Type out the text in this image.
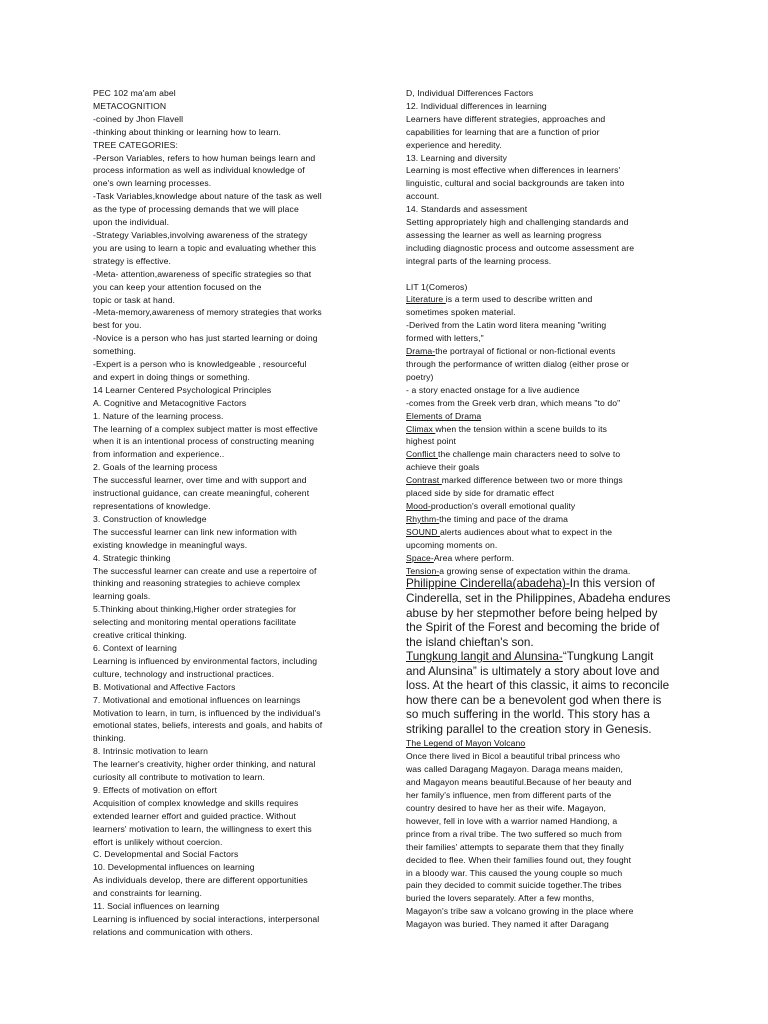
PEC 102 ma'am abel
METACOGNITION
-coined by Jhon Flavell
-thinking about thinking or learning how to learn.
TREE CATEGORIES:
-Person Variables, refers to how human beings learn and
process information as well as individual knowledge of
one's own learning processes.
-Task Variables,knowledge about nature of the task as well
as the type of processing demands that we will place
upon the individual.
-Strategy Variables,involving awareness of the strategy
you are using to learn a topic and evaluating whether this
strategy is effective.
-Meta- attention,awareness of specific strategies so that
you can keep your attention focused on the
topic or task at hand.
-Meta-memory,awareness of memory strategies that works
best for you.
-Novice is a person who has just started learning or doing
something.
-Expert is a person who is knowledgeable , resourceful
and expert in doing things or something.
14 Learner Centered Psychological Principles
A. Cognitive and Metacognitive Factors
1. Nature of the learning process.
The learning of a complex subject matter is most effective
when it is an intentional process of constructing meaning
from information and experience..
2. Goals of the learning process
The successful learner, over time and with support and
instructional guidance, can create meaningful, coherent
representations of knowledge.
3. Construction of knowledge
The successful learner can link new information with
existing knowledge in meaningful ways.
4. Strategic thinking
The successful learner can create and use a repertoire of
thinking and reasoning strategies to achieve complex
learning goals.
5.Thinking about thinking,Higher order strategies for
selecting and monitoring mental operations facilitate
creative critical thinking.
6. Context of learning
Learning is influenced by environmental factors, including
culture, technology and instructional practices.
B. Motivational and Affective Factors
7. Motivational and emotional influences on learnings
Motivation to learn, in turn, is influenced by the individual's
emotional states, beliefs, interests and goals, and habits of
thinking.
8. Intrinsic motivation to learn
The learner's creativity, higher order thinking, and natural
curiosity all contribute to motivation to learn.
9. Effects of motivation on effort
Acquisition of complex knowledge and skills requires
extended learner effort and guided practice. Without
learners' motivation to learn, the willingness to exert this
effort is unlikely without coercion.
C. Developmental and Social Factors
10. Developmental influences on learning
As individuals develop, there are different opportunities
and constraints for learning.
11. Social influences on learning
Learning is influenced by social interactions, interpersonal
relations and communication with others.
D, Individual Differences Factors
12. Individual differences in learning
Learners have different strategies, approaches and
capabilities for learning that are a function of prior
experience and heredity.
13. Learning and diversity
Learning is most effective when differences in learners'
linguistic, cultural and social backgrounds are taken into
account.
14. Standards and assessment
Setting appropriately high and challenging standards and
assessing the learner as well as learning progress
including diagnostic process and outcome assessment are
integral parts of the learning process.
LIT 1(Comeros)
Literature is a term used to describe written and
sometimes spoken material.
-Derived from the Latin word litera meaning "writing
formed with letters,"
Drama-the portrayal of fictional or non-fictional events
through the performance of written dialog (either prose or
poetry)
- a story enacted onstage for a live audience
-comes from the Greek verb dran, which means "to do"
Elements of Drama
Climax when the tension within a scene builds to its
highest point
Conflict the challenge main characters need to solve to
achieve their goals
Contrast marked difference between two or more things
placed side by side for dramatic effect
Mood-production's overall emotional quality
Rhythm-the timing and pace of the drama
SOUND alerts audiences about what to expect in the
upcoming moments on.
Space-Area where perform.
Tension-a growing sense of expectation within the drama.
Philippine Cinderella(abadeha)-In this version of
Cinderella, set in the Philippines, Abadeha endures
abuse by her stepmother before being helped by
the Spirit of the Forest and becoming the bride of
the island chieftan's son.
Tungkung langit and Alunsina-“Tungkung Langit
and Alunsina” is ultimately a story about love and
loss. At the heart of this classic, it aims to reconcile
how there can be a benevolent god when there is
so much suffering in the world. This story has a
striking parallel to the creation story in Genesis.
The Legend of Mayon Volcano
Once there lived in Bicol a beautiful tribal princess who
was called Daragang Magayon. Daraga means maiden,
and Magayon means beautiful.Because of her beauty and
her family's influence, men from different parts of the
country desired to have her as their wife. Magayon,
however, fell in love with a warrior named Handiong, a
prince from a rival tribe. The two suffered so much from
their families' attempts to separate them that they finally
decided to flee. When their families found out, they fought
in a bloody war. This caused the young couple so much
pain they decided to commit suicide together.The tribes
buried the lovers separately. After a few months,
Magayon's tribe saw a volcano growing in the place where
Magayon was buried. They named it after Daragang
